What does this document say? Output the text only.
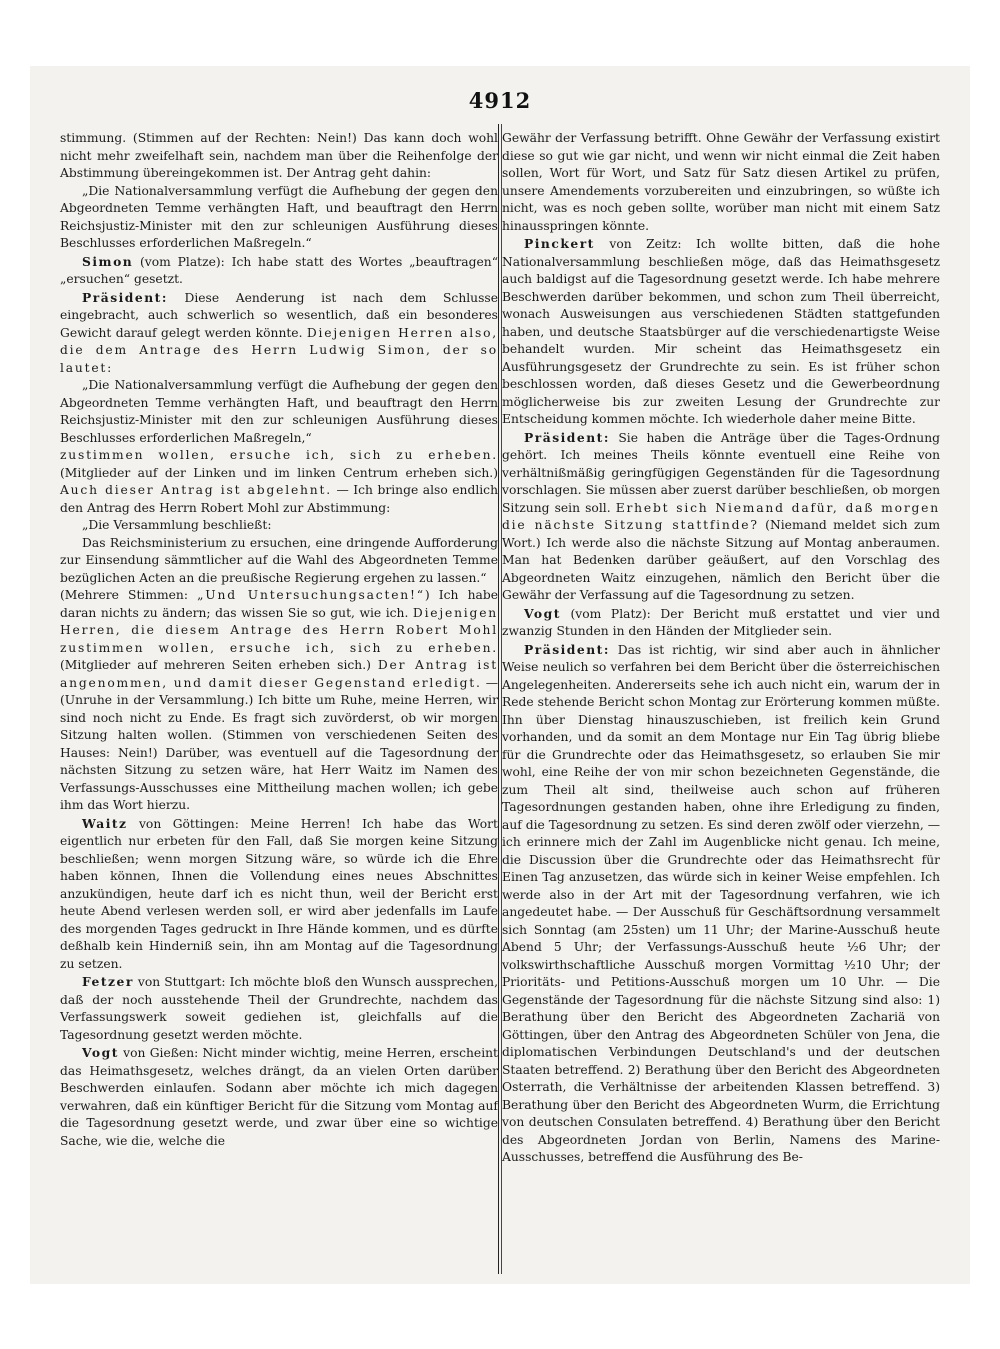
4912

stimmung. (Stimmen auf der Rechten: Nein!) Das kann doch wohl nicht mehr zweifelhaft sein, nachdem man über die Reihenfolge der Abstimmung übereingekommen ist. Der Antrag geht dahin:

„Die Nationalversammlung verfügt die Aufhebung der gegen den Abgeordneten Temme verhängten Haft, und beauftragt den Herrn Reichsjustiz-Minister mit den zur schleunigen Ausführung dieses Beschlusses erforderlichen Maßregeln.“

Simon (vom Platze): Ich habe statt des Wortes „beauftragen“ „ersuchen“ gesetzt.

Präsident: Diese Aenderung ist nach dem Schlusse eingebracht, auch schwerlich so wesentlich, daß ein besonderes Gewicht darauf gelegt werden könnte. Diejenigen Herren also, die dem Antrage des Herrn Ludwig Simon, der so lautet:

„Die Nationalversammlung verfügt die Aufhebung der gegen den Abgeordneten Temme verhängten Haft, und beauftragt den Herrn Reichsjustiz-Minister mit den zur schleunigen Ausführung dieses Beschlusses erforderlichen Maßregeln,“

zustimmen wollen, ersuche ich, sich zu erheben. (Mitglieder auf der Linken und im linken Centrum erheben sich.) Auch dieser Antrag ist abgelehnt. — Ich bringe also endlich den Antrag des Herrn Robert Mohl zur Abstimmung:

„Die Versammlung beschließt:

Das Reichsministerium zu ersuchen, eine dringende Aufforderung zur Einsendung sämmtlicher auf die Wahl des Abgeordneten Temme bezüglichen Acten an die preußische Regierung ergehen zu lassen.“

(Mehrere Stimmen: „Und Untersuchungsacten!“) Ich habe daran nichts zu ändern; das wissen Sie so gut, wie ich. Diejenigen Herren, die diesem Antrage des Herrn Robert Mohl zustimmen wollen, ersuche ich, sich zu erheben. (Mitglieder auf mehreren Seiten erheben sich.) Der Antrag ist angenommen, und damit dieser Gegenstand erledigt. — (Unruhe in der Versammlung.) Ich bitte um Ruhe, meine Herren, wir sind noch nicht zu Ende. Es fragt sich zuvörderst, ob wir morgen Sitzung halten wollen. (Stimmen von verschiedenen Seiten des Hauses: Nein!) Darüber, was eventuell auf die Tagesordnung der nächsten Sitzung zu setzen wäre, hat Herr Waitz im Namen des Verfassungs-Ausschusses eine Mittheilung machen wollen; ich gebe ihm das Wort hierzu.

Waitz von Göttingen: Meine Herren! Ich habe das Wort eigentlich nur erbeten für den Fall, daß Sie morgen keine Sitzung beschließen; wenn morgen Sitzung wäre, so würde ich die Ehre haben können, Ihnen die Vollendung eines neues Abschnittes anzukündigen, heute darf ich es nicht thun, weil der Bericht erst heute Abend verlesen werden soll, er wird aber jedenfalls im Laufe des morgenden Tages gedruckt in Ihre Hände kommen, und es dürfte deßhalb kein Hinderniß sein, ihn am Montag auf die Tagesordnung zu setzen.

Fetzer von Stuttgart: Ich möchte bloß den Wunsch aussprechen, daß der noch ausstehende Theil der Grundrechte, nachdem das Verfassungswerk soweit gediehen ist, gleichfalls auf die Tagesordnung gesetzt werden möchte.

Vogt von Gießen: Nicht minder wichtig, meine Herren, erscheint das Heimathsgesetz, welches drängt, da an vielen Orten darüber Beschwerden einlaufen. Sodann aber möchte ich mich dagegen verwahren, daß ein künftiger Bericht für die Sitzung vom Montag auf die Tagesordnung gesetzt werde, und zwar über eine so wichtige Sache, wie die, welche die

Gewähr der Verfassung betrifft. Ohne Gewähr der Verfassung existirt diese so gut wie gar nicht, und wenn wir nicht einmal die Zeit haben sollen, Wort für Wort, und Satz für Satz diesen Artikel zu prüfen, unsere Amendements vorzubereiten und einzubringen, so wüßte ich nicht, was es noch geben sollte, worüber man nicht mit einem Satz hinausspringen könnte.

Pinckert von Zeitz: Ich wollte bitten, daß die hohe Nationalversammlung beschließen möge, daß das Heimathsgesetz auch baldigst auf die Tagesordnung gesetzt werde. Ich habe mehrere Beschwerden darüber bekommen, und schon zum Theil überreicht, wonach Ausweisungen aus verschiedenen Städten stattgefunden haben, und deutsche Staatsbürger auf die verschiedenartigste Weise behandelt wurden. Mir scheint das Heimathsgesetz ein Ausführungsgesetz der Grundrechte zu sein. Es ist früher schon beschlossen worden, daß dieses Gesetz und die Gewerbeordnung möglicherweise bis zur zweiten Lesung der Grundrechte zur Entscheidung kommen möchte. Ich wiederhole daher meine Bitte.

Präsident: Sie haben die Anträge über die Tages-Ordnung gehört. Ich meines Theils könnte eventuell eine Reihe von verhältnißmäßig geringfügigen Gegenständen für die Tagesordnung vorschlagen. Sie müssen aber zuerst darüber beschließen, ob morgen Sitzung sein soll. Erhebt sich Niemand dafür, daß morgen die nächste Sitzung stattfinde? (Niemand meldet sich zum Wort.) Ich werde also die nächste Sitzung auf Montag anberaumen. Man hat Bedenken darüber geäußert, auf den Vorschlag des Abgeordneten Waitz einzugehen, nämlich den Bericht über die Gewähr der Verfassung auf die Tagesordnung zu setzen.

Vogt (vom Platz): Der Bericht muß erstattet und vier und zwanzig Stunden in den Händen der Mitglieder sein.

Präsident: Das ist richtig, wir sind aber auch in ähnlicher Weise neulich so verfahren bei dem Bericht über die österreichischen Angelegenheiten. Andererseits sehe ich auch nicht ein, warum der in Rede stehende Bericht schon Montag zur Erörterung kommen müßte. Ihn über Dienstag hinauszuschieben, ist freilich kein Grund vorhanden, und da somit an dem Montage nur Ein Tag übrig bliebe für die Grundrechte oder das Heimathsgesetz, so erlauben Sie mir wohl, eine Reihe der von mir schon bezeichneten Gegenstände, die zum Theil alt sind, theilweise auch schon auf früheren Tagesordnungen gestanden haben, ohne ihre Erledigung zu finden, auf die Tagesordnung zu setzen. Es sind deren zwölf oder vierzehn, — ich erinnere mich der Zahl im Augenblicke nicht genau. Ich meine, die Discussion über die Grundrechte oder das Heimathsrecht für Einen Tag anzusetzen, das würde sich in keiner Weise empfehlen. Ich werde also in der Art mit der Tagesordnung verfahren, wie ich angedeutet habe. — Der Ausschuß für Geschäftsordnung versammelt sich Sonntag (am 25sten) um 11 Uhr; der Marine-Ausschuß heute Abend 5 Uhr; der Verfassungs-Ausschuß heute ½6 Uhr; der volkswirthschaftliche Ausschuß morgen Vormittag ½10 Uhr; der Prioritäts- und Petitions-Ausschuß morgen um 10 Uhr. — Die Gegenstände der Tagesordnung für die nächste Sitzung sind also: 1) Berathung über den Bericht des Abgeordneten Zachariä von Göttingen, über den Antrag des Abgeordneten Schüler von Jena, die diplomatischen Verbindungen Deutschland's und der deutschen Staaten betreffend. 2) Berathung über den Bericht des Abgeordneten Osterrath, die Verhältnisse der arbeitenden Klassen betreffend. 3) Berathung über den Bericht des Abgeordneten Wurm, die Errichtung von deutschen Consulaten betreffend. 4) Berathung über den Bericht des Abgeordneten Jordan von Berlin, Namens des Marine-Ausschusses, betreffend die Ausführung des Be-
